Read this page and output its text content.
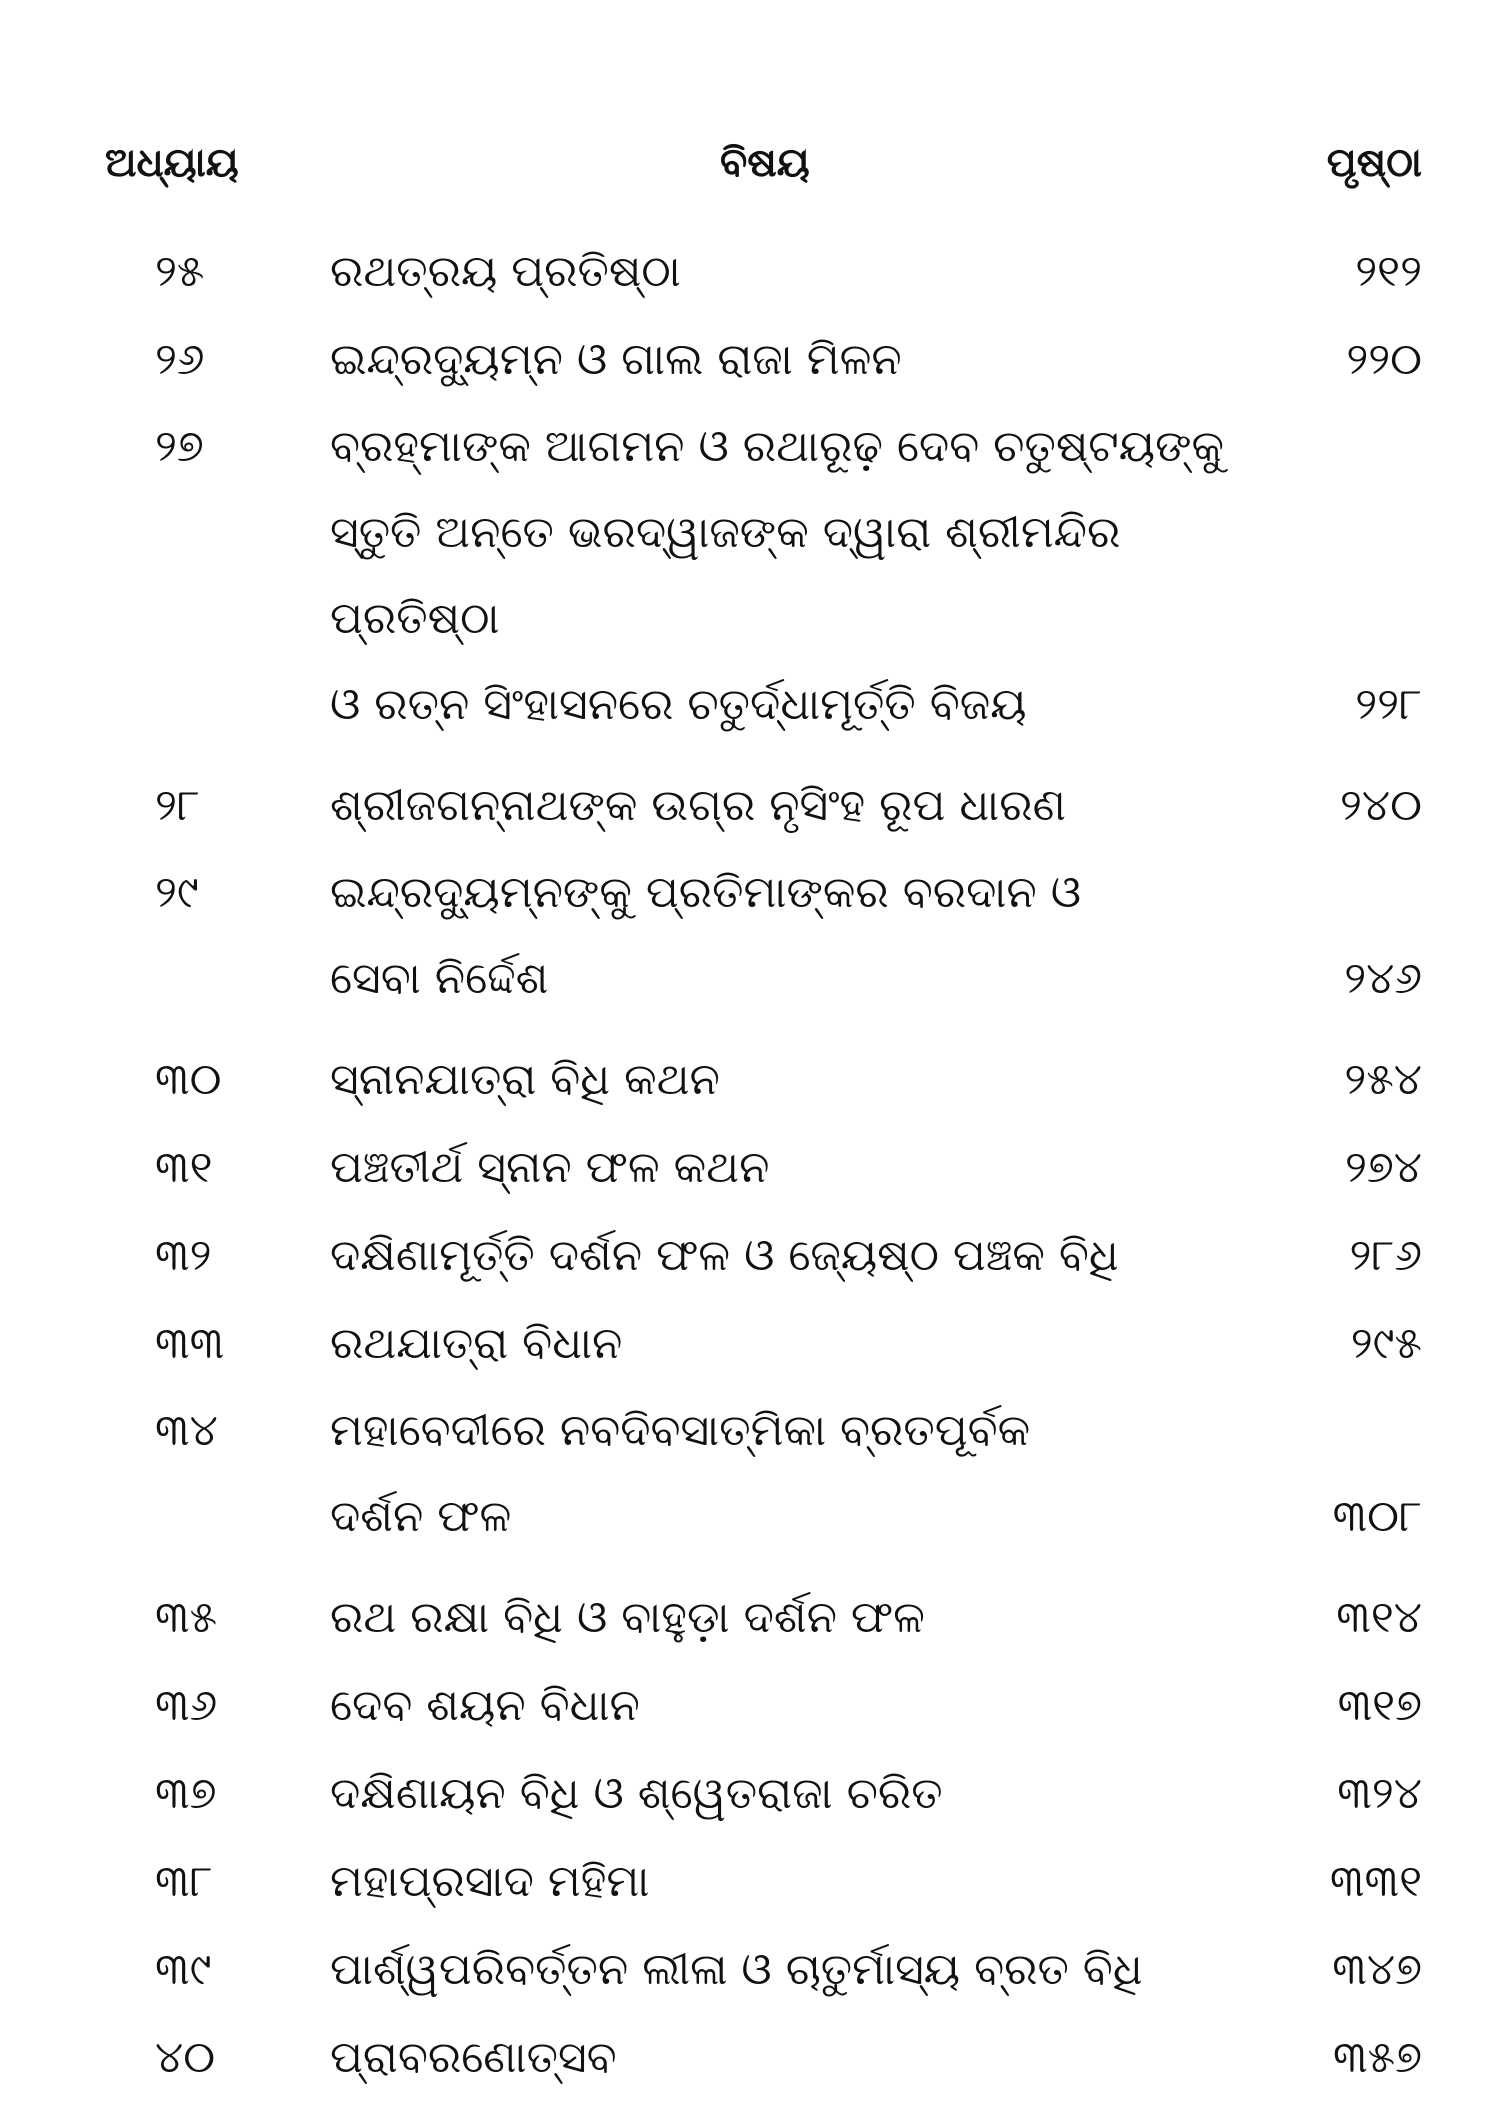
ଅଧ୍ୟାୟ	ବିଷୟ	ପୃଷ୍ଠା
୨୫	ରଥତ୍ରୟ ପ୍ରତିଷ୍ଠା	୨୧୨
୨୬	ଇନ୍ଦ୍ରଦ୍ୟୁମ୍ନ ଓ ଗାଲ ରାଜା ମିଳନ	୨୨୦
୨୭	ବ୍ରହ୍ମାଙ୍କ ଆଗମନ ଓ ରଥାରୂଢ଼ ଦେବ ଚତୁଷ୍ଟୟଙ୍କୁ
ସ୍ତୁତି ଅନ୍ତେ ଭରଦ୍ୱାଜଙ୍କ ଦ୍ୱାରା ଶ୍ରୀମନ୍ଦିର ପ୍ରତିଷ୍ଠା
ଓ ରତ୍ନ ସିଂହାସନରେ ଚତୁର୍ଦ୍ଧାମୂର୍ତ୍ତି ବିଜୟ	୨୨୮
୨୮	ଶ୍ରୀଜଗନ୍ନାଥଙ୍କ ଉଗ୍ର ନୃସିଂହ ରୂପ ଧାରଣ	୨୪୦
୨୯	ଇନ୍ଦ୍ରଦ୍ୟୁମ୍ନଙ୍କୁ ପ୍ରତିମାଙ୍କର ବରଦାନ ଓ
ସେବା ନିର୍ଦ୍ଦେଶ	୨୪୬
୩୦	ସ୍ନାନଯାତ୍ରା ବିଧି କଥନ	୨୫୪
୩୧	ପଞ୍ଚତୀର୍ଥ ସ୍ନାନ ଫଳ କଥନ	୨୭୪
୩୨	ଦକ୍ଷିଣାମୂର୍ତ୍ତି ଦର୍ଶନ ଫଳ ଓ ଜ୍ୟେଷ୍ଠ ପଞ୍ଚକ ବିଧି	୨୮୬
୩୩	ରଥଯାତ୍ରା ବିଧାନ	୨୯୫
୩୪	ମହାବେଦୀରେ ନବଦିବସାତ୍ମିକା ବ୍ରତପୂର୍ବକ
ଦର୍ଶନ ଫଳ	୩୦୮
୩୫	ରଥ ରକ୍ଷା ବିଧି ଓ ବାହୁଡ଼ା ଦର୍ଶନ ଫଳ	୩୧୪
୩୬	ଦେବ ଶୟନ ବିଧାନ	୩୧୭
୩୭	ଦକ୍ଷିଣାୟନ ବିଧି ଓ ଶ୍ୱେତରାଜା ଚରିତ	୩୨୪
୩୮	ମହାପ୍ରସାଦ ମହିମା	୩୩୧
୩୯	ପାର୍ଶ୍ୱପରିବର୍ତ୍ତନ ଲୀଳା ଓ ଚାତୁର୍ମାସ୍ୟ ବ୍ରତ ବିଧି	୩୪୭
୪୦	ପ୍ରାବରଣୋତ୍ସବ	୩୫୭
